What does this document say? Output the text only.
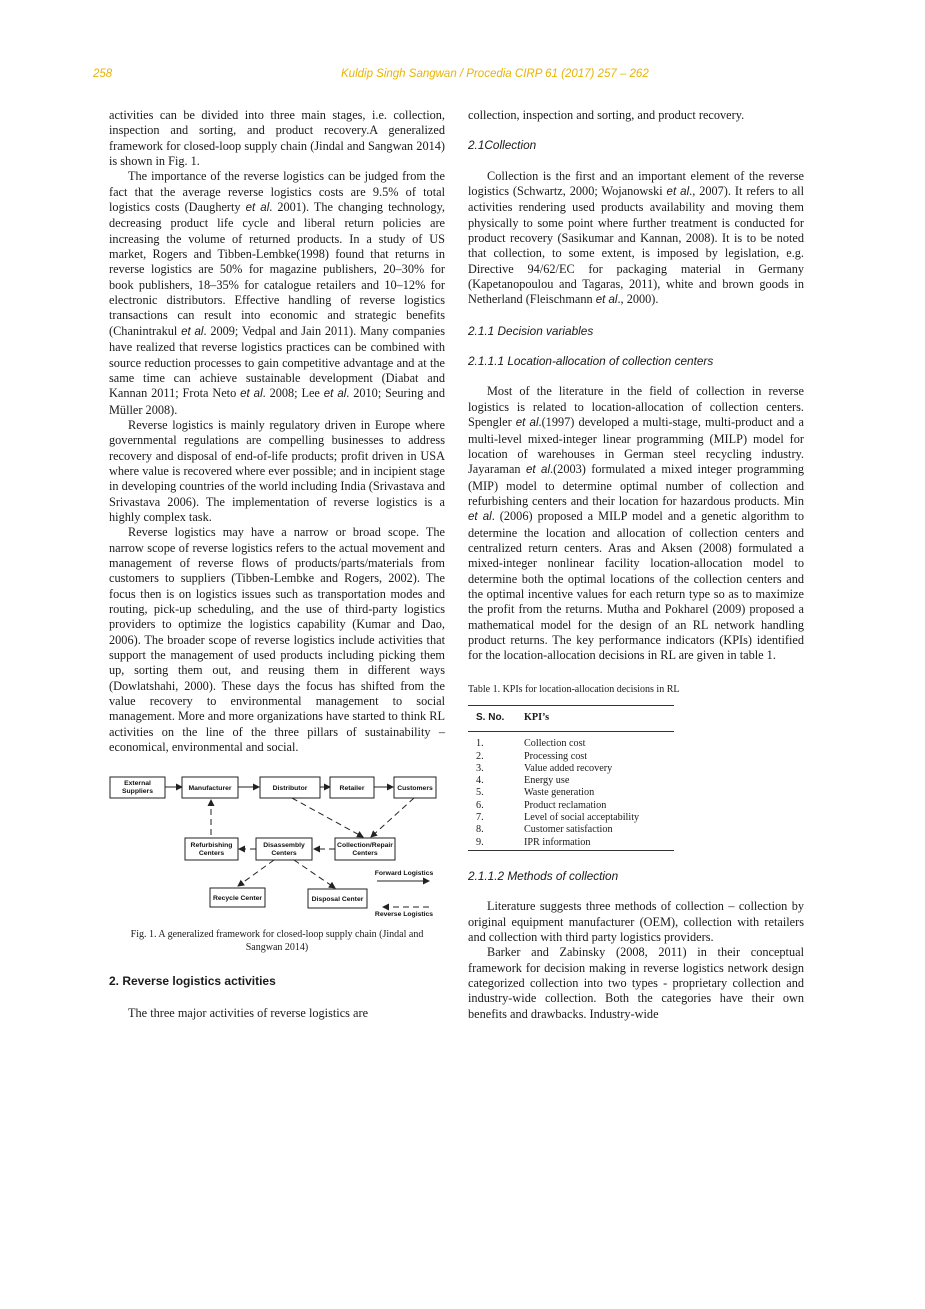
258	Kuldip Singh Sangwan / Procedia CIRP 61 (2017) 257 – 262

activities can be divided into three main stages, i.e. collection, inspection and sorting, and product recovery.A generalized framework for closed-loop supply chain (Jindal and Sangwan 2014) is shown in Fig. 1.

The importance of the reverse logistics can be judged from the fact that the average reverse logistics costs are 9.5% of total logistics costs (Daugherty et al. 2001). The changing technology, decreasing product life cycle and liberal return policies are increasing the volume of returned products. In a study of US market, Rogers and Tibben-Lembke(1998) found that returns in reverse logistics are 50% for magazine publishers, 20–30% for book publishers, 18–35% for catalogue retailers and 10–12% for electronic distributors. Effective handling of reverse logistics transactions can result into economic and strategic benefits (Chanintrakul et al. 2009; Vedpal and Jain 2011). Many companies have realized that reverse logistics practices can be combined with source reduction processes to gain competitive advantage and at the same time can achieve sustainable development (Diabat and Kannan 2011; Frota Neto et al. 2008; Lee et al. 2010; Seuring and Müller 2008).

Reverse logistics is mainly regulatory driven in Europe where governmental regulations are compelling businesses to address recovery and disposal of end-of-life products; profit driven in USA where value is recovered where ever possible; and in incipient stage in developing countries of the world including India (Srivastava and Srivastava 2006). The implementation of reverse logistics is a highly complex task.

Reverse logistics may have a narrow or broad scope. The narrow scope of reverse logistics refers to the actual movement and management of reverse flows of products/parts/materials from customers to suppliers (Tibben-Lembke and Rogers, 2002). The focus then is on logistics issues such as transportation modes and routing, pick-up scheduling, and the use of third-party logistics providers to optimize the logistics capability (Kumar and Dao, 2006). The broader scope of reverse logistics include activities that support the management of used products including picking them up, sorting them out, and reusing them in different ways (Dowlatshahi, 2000). These days the focus has shifted from the value recovery to environmental management to social management. More and more organizations have started to think RL activities on the line of the three pillars of sustainability – economical, environmental and social.

External
Suppliers	Manufacturer	Distributor	Retailer	Customers
Refurbishing
Centers
Disassembly
Centers
Collection/Repair
Centers
Recycle Center	Disposal Center
Forward Logistics
Reverse Logistics
Fig. 1. A generalized framework for closed-loop supply chain (Jindal and Sangwan 2014)
2. Reverse logistics activities

The three major activities of reverse logistics are

collection, inspection and sorting, and product recovery.

2.1Collection

Collection is the first and an important element of the reverse logistics (Schwartz, 2000; Wojanowski et al., 2007). It refers to all activities rendering used products availability and moving them physically to some point where further treatment is conducted for product recovery (Sasikumar and Kannan, 2008). It is to be noted that collection, to some extent, is imposed by legislation, e.g. Directive 94/62/EC for packaging material in Germany (Kapetanopoulou and Tagaras, 2011), white and brown goods in Netherland (Fleischmann et al., 2000).

2.1.1 Decision variables
2.1.1.1 Location-allocation of collection centers

Most of the literature in the field of collection in reverse logistics is related to location-allocation of collection centers. Spengler et al.(1997) developed a multi-stage, multi-product and a multi-level mixed-integer linear programming (MILP) model for location of warehouses in German steel recycling industry. Jayaraman et al.(2003) formulated a mixed integer programming (MIP) model to determine optimal number of collection and refurbishing centers and their location for hazardous products. Min et al. (2006) proposed a MILP model and a genetic algorithm to determine the location and allocation of collection centers and centralized return centers. Aras and Aksen (2008) formulated a mixed-integer nonlinear facility location-allocation model to determine both the optimal locations of the collection centers and the optimal incentive values for each return type so as to maximize the profit from the returns. Mutha and Pokharel (2009) proposed a mathematical model for the design of an RL network handling product returns. The key performance indicators (KPIs) identified for the location-allocation decisions in RL are given in table 1.

Table 1. KPIs for location-allocation decisions in RL
S. No.	KPI’s
1.	Collection cost
2.	Processing cost
3.	Value added recovery
4.	Energy use
5.	Waste generation
6.	Product reclamation
7.	Level of social acceptability
8.	Customer satisfaction
9.	IPR information
2.1.1.2 Methods of collection

Literature suggests three methods of collection – collection by original equipment manufacturer (OEM), collection with retailers and collection with third party logistics providers.

Barker and Zabinsky (2008, 2011) in their conceptual framework for decision making in reverse logistics network design categorized collection into two types - proprietary collection and industry-wide collection. Both the categories have their own benefits and drawbacks. Industry-wide
